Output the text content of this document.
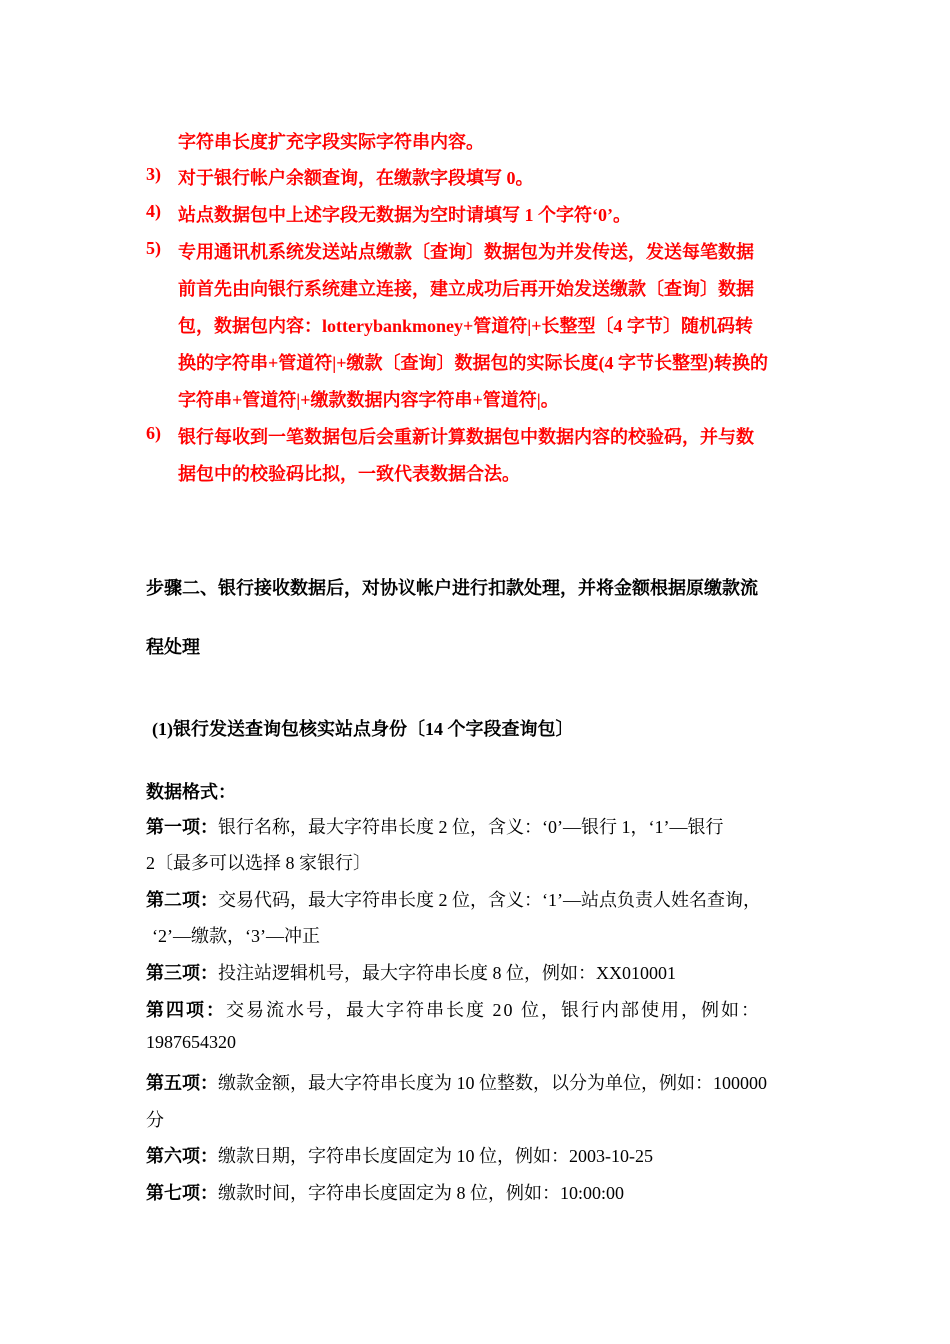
字符串长度扩充字段实际字符串内容。
3) 对于银行帐户余额查询，在缴款字段填写 0。
4) 站点数据包中上述字段无数据为空时请填写 1 个字符‘0’。
5) 专用通讯机系统发送站点缴款〔查询〕数据包为并发传送，发送每笔数据
前首先由向银行系统建立连接，建立成功后再开始发送缴款〔查询〕数据
包，数据包内容：lotterybankmoney+管道符|+长整型〔4 字节〕随机码转
换的字符串+管道符|+缴款〔查询〕数据包的实际长度(4 字节长整型)转换的
字符串+管道符|+缴款数据内容字符串+管道符|。
6) 银行每收到一笔数据包后会重新计算数据包中数据内容的校验码，并与数
据包中的校验码比拟，一致代表数据合法。
步骤二、银行接收数据后，对协议帐户进行扣款处理，并将金额根据原缴款流
程处理
(1)银行发送查询包核实站点身份〔14 个字段查询包〕
数据格式：
第一项：银行名称，最大字符串长度 2 位，含义：‘0’—银行 1，‘1’—银行
2〔最多可以选择 8 家银行〕
第二项：交易代码，最大字符串长度 2 位，含义：‘1’—站点负责人姓名查询，
‘2’—缴款，‘3’—冲正
第三项：投注站逻辑机号，最大字符串长度 8 位，例如：XX010001
第四项：交易流水号，最大字符串长度 20 位，银行内部使用，例如：
1987654320
第五项：缴款金额，最大字符串长度为 10 位整数，以分为单位，例如：100000
分
第六项：缴款日期，字符串长度固定为 10 位，例如：2003-10-25
第七项：缴款时间，字符串长度固定为 8 位，例如：10:00:00
